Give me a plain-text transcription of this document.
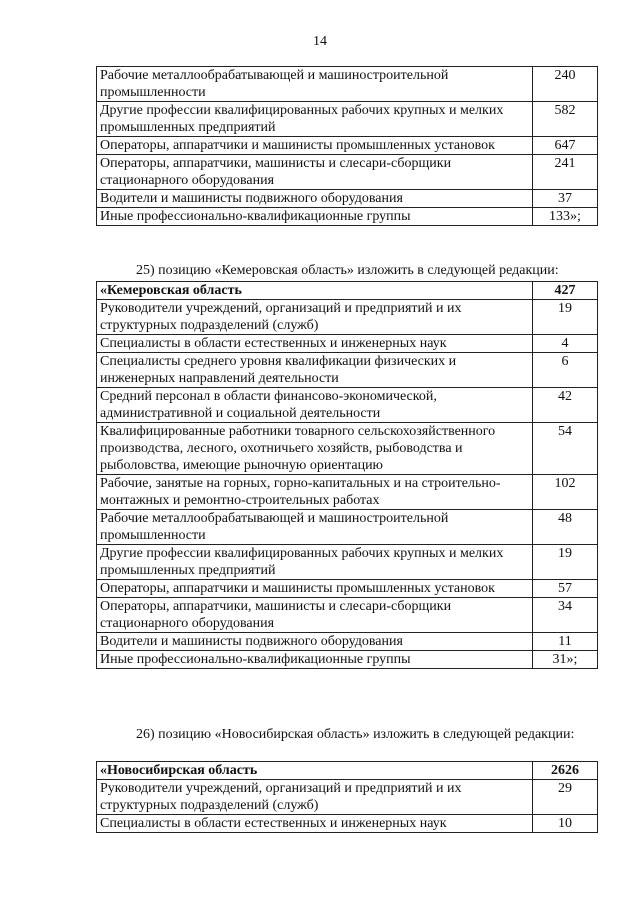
14
Рабочие металлообрабатывающей и машиностроительной промышленности	240
Другие профессии квалифицированных рабочих крупных и мелких промышленных предприятий	582
Операторы, аппаратчики и машинисты промышленных установок	647
Операторы, аппаратчики, машинисты и слесари-сборщики стационарного оборудования	241
Водители и машинисты подвижного оборудования	37
Иные профессионально-квалификационные группы	133»;
25) позицию «Кемеровская область» изложить в следующей редакции:
«Кемеровская область	427
Руководители учреждений, организаций и предприятий и их структурных подразделений (служб)	19
Специалисты в области естественных и инженерных наук	4
Специалисты среднего уровня квалификации физических и инженерных направлений деятельности	6
Средний персонал в области финансово-экономической, административной и социальной деятельности	42
Квалифицированные работники товарного сельскохозяйственного производства, лесного, охотничьего хозяйств, рыбоводства и рыболовства, имеющие рыночную ориентацию	54
Рабочие, занятые на горных, горно-капитальных и на строительно-монтажных и ремонтно-строительных работах	102
Рабочие металлообрабатывающей и машиностроительной промышленности	48
Другие профессии квалифицированных рабочих крупных и мелких промышленных предприятий	19
Операторы, аппаратчики и машинисты промышленных установок	57
Операторы, аппаратчики, машинисты и слесари-сборщики стационарного оборудования	34
Водители и машинисты подвижного оборудования	11
Иные профессионально-квалификационные группы	31»;
26) позицию «Новосибирская область» изложить в следующей редакции:
«Новосибирская область	2626
Руководители учреждений, организаций и предприятий и их структурных подразделений (служб)	29
Специалисты в области естественных и инженерных наук	10
